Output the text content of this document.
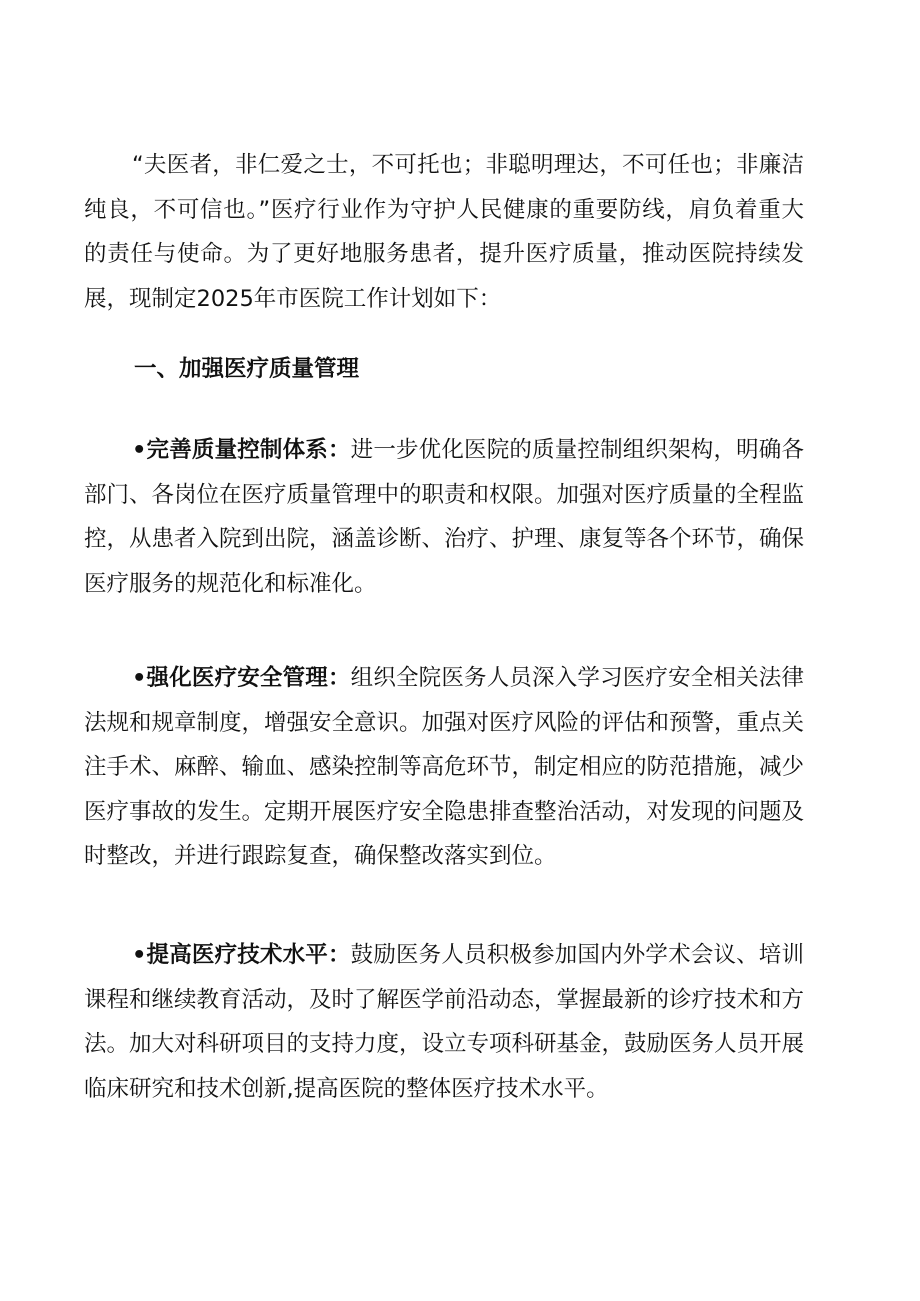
“夫医者，非仁爱之士，不可托也；非聪明理达，不可任也；非廉洁纯良，不可信也。”医疗行业作为守护人民健康的重要防线，肩负着重大的责任与使命。为了更好地服务患者，提升医疗质量，推动医院持续发展，现制定2025年市医院工作计划如下：

一、加强医疗质量管理

•完善质量控制体系：进一步优化医院的质量控制组织架构，明确各部门、各岗位在医疗质量管理中的职责和权限。加强对医疗质量的全程监控，从患者入院到出院，涵盖诊断、治疗、护理、康复等各个环节，确保医疗服务的规范化和标准化。

•强化医疗安全管理：组织全院医务人员深入学习医疗安全相关法律法规和规章制度，增强安全意识。加强对医疗风险的评估和预警，重点关注手术、麻醉、输血、感染控制等高危环节，制定相应的防范措施，减少医疗事故的发生。定期开展医疗安全隐患排查整治活动，对发现的问题及时整改，并进行跟踪复查，确保整改落实到位。

•提高医疗技术水平：鼓励医务人员积极参加国内外学术会议、培训课程和继续教育活动，及时了解医学前沿动态，掌握最新的诊疗技术和方法。加大对科研项目的支持力度，设立专项科研基金，鼓励医务人员开展临床研究和技术创新,提高医院的整体医疗技术水平。
